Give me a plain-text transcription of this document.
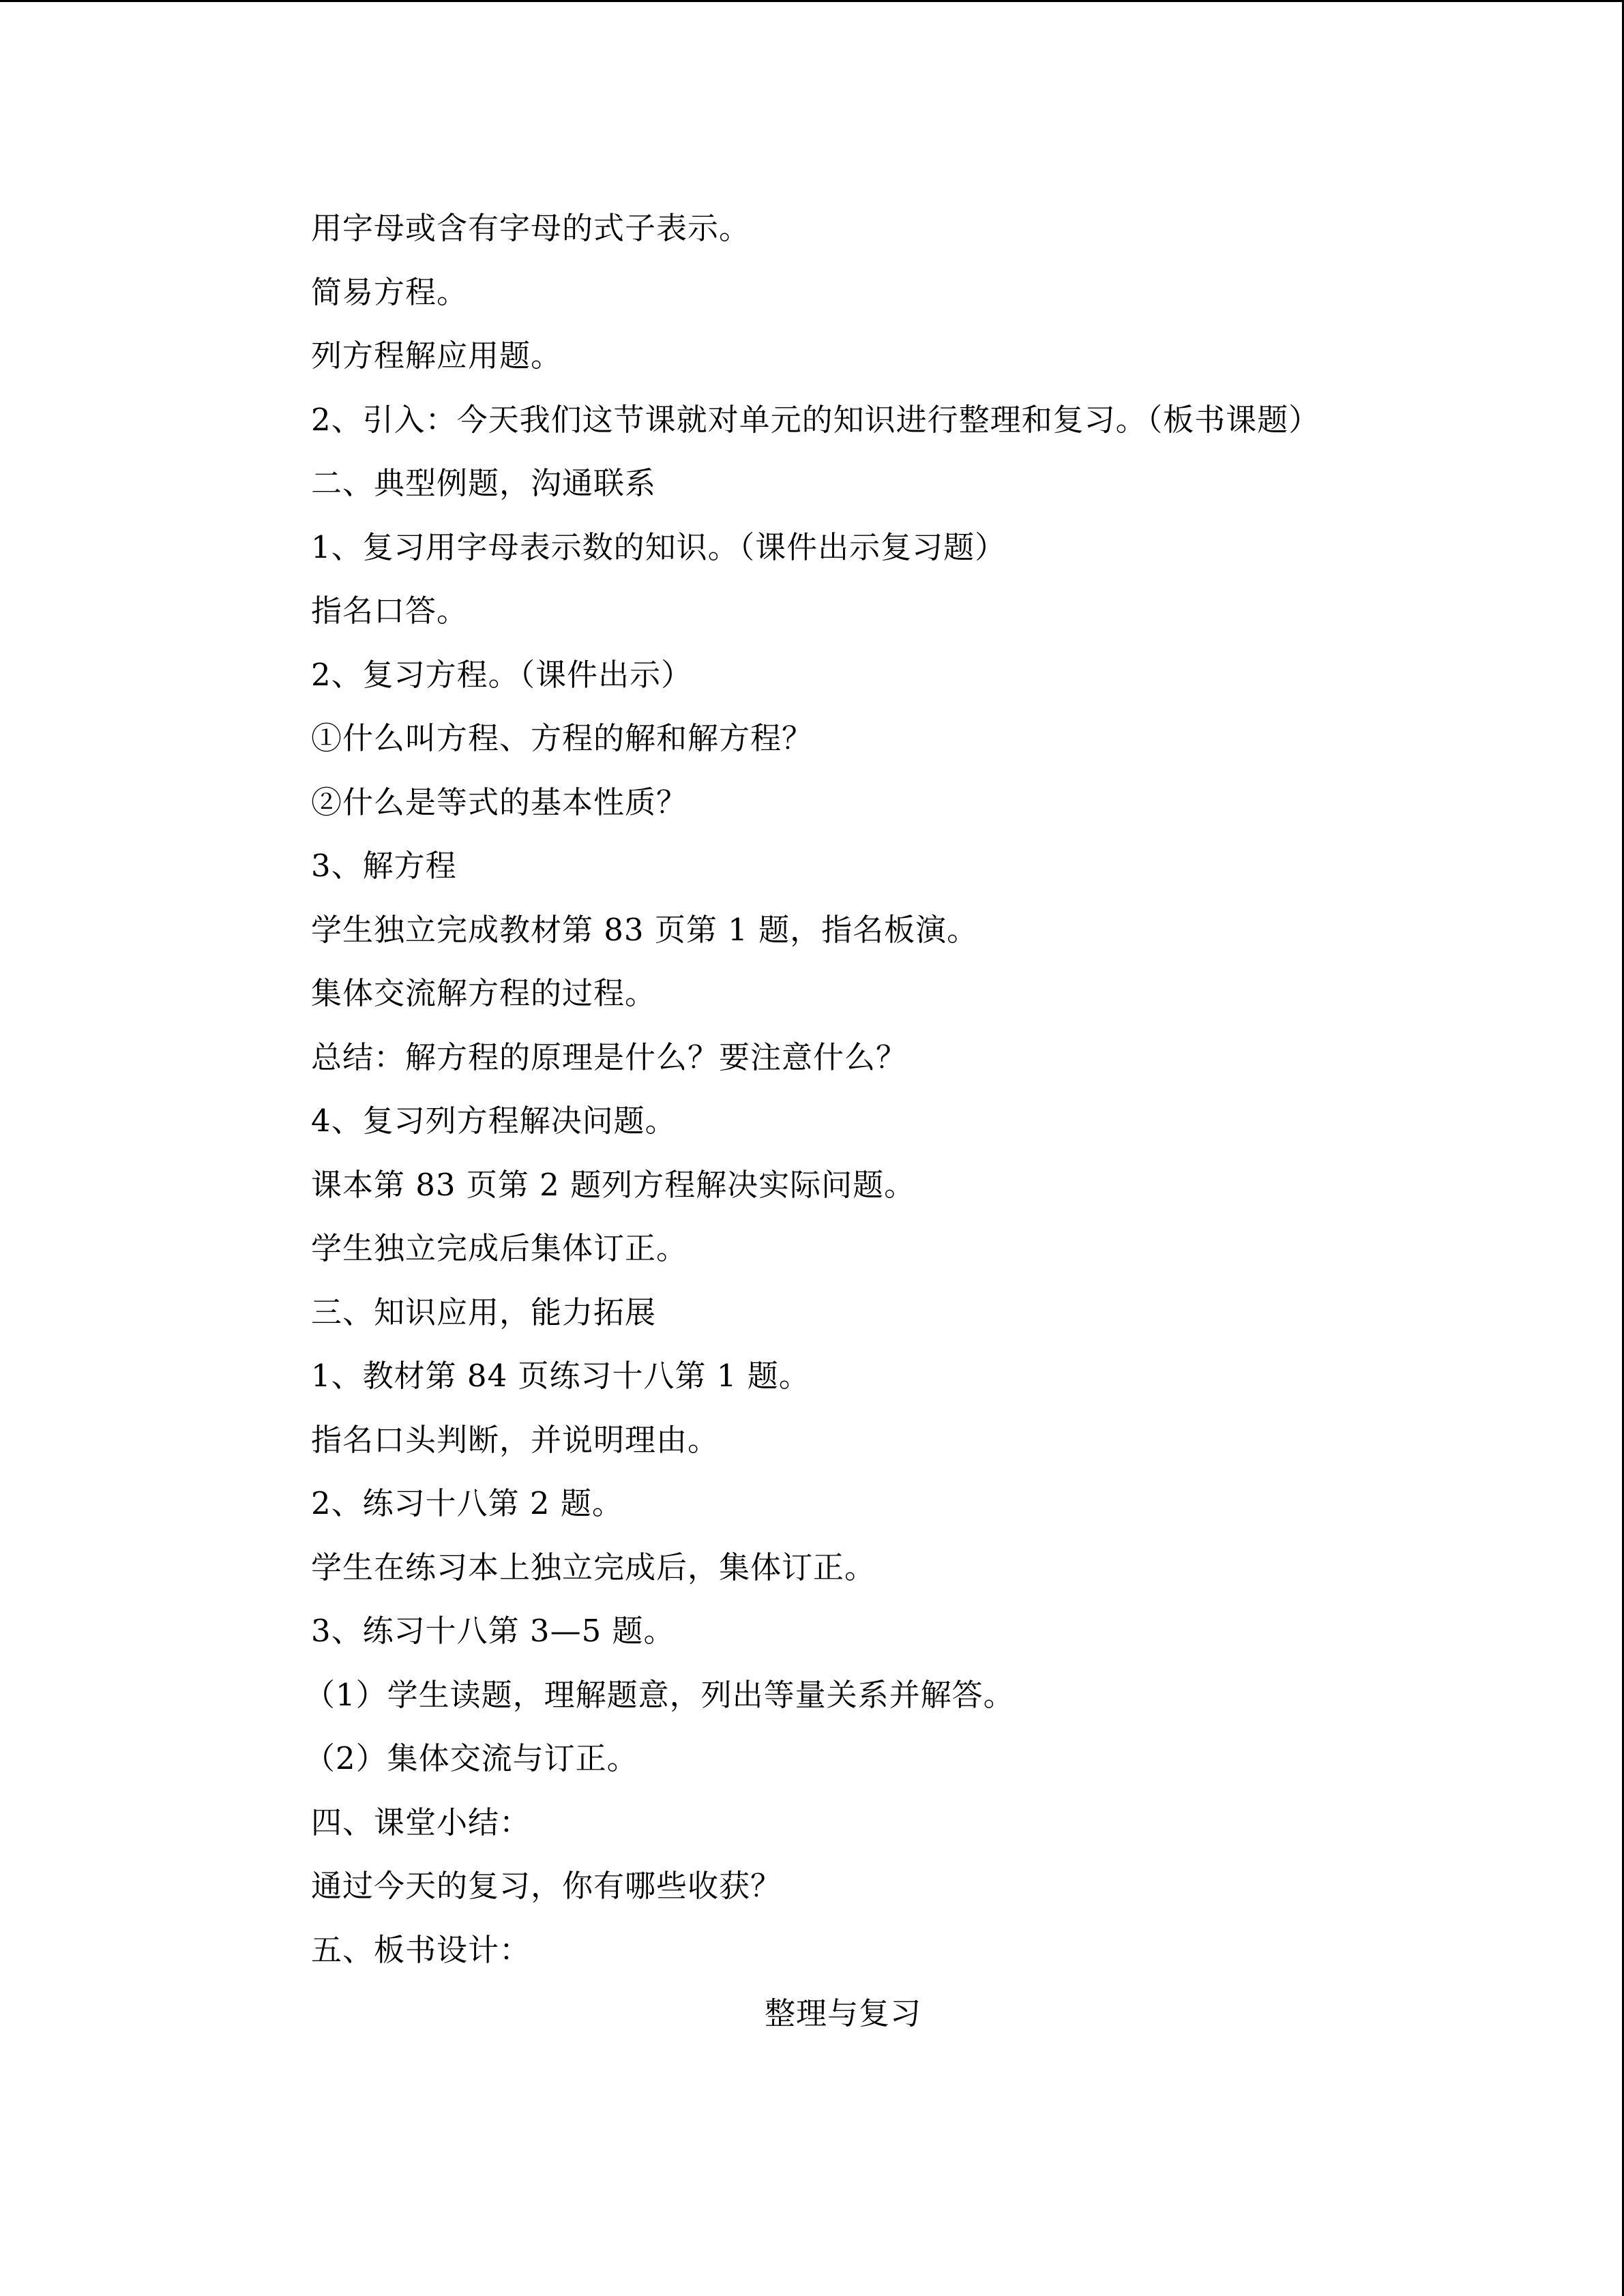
用字母或含有字母的式子表示。
简易方程。
列方程解应用题。
2、引入：今天我们这节课就对单元的知识进行整理和复习。（板书课题）
二、典型例题，沟通联系
1、复习用字母表示数的知识。（课件出示复习题）
指名口答。
2、复习方程。（课件出示）
①什么叫方程、方程的解和解方程？
②什么是等式的基本性质？
3、解方程
学生独立完成教材第 83 页第 1 题，指名板演。
集体交流解方程的过程。
总结：解方程的原理是什么？要注意什么？
4、复习列方程解决问题。
课本第 83 页第 2 题列方程解决实际问题。
学生独立完成后集体订正。
三、知识应用，能力拓展
1、教材第 84 页练习十八第 1 题。
指名口头判断，并说明理由。
2、练习十八第 2 题。
学生在练习本上独立完成后，集体订正。
3、练习十八第 3—5 题。
（1）学生读题，理解题意，列出等量关系并解答。
（2）集体交流与订正。
四、课堂小结：
通过今天的复习，你有哪些收获？
五、板书设计：
整理与复习
